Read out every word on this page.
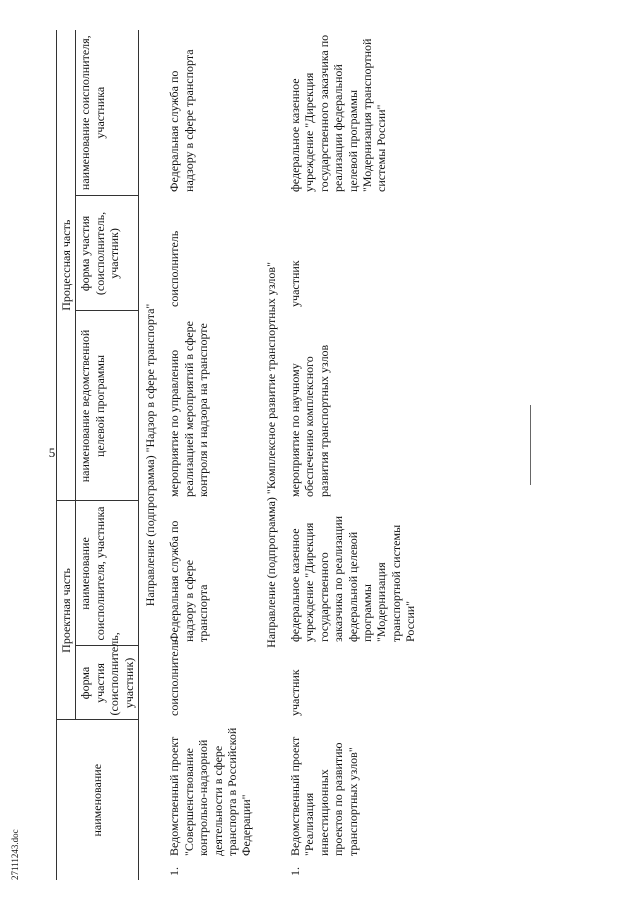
5
27111243.doc
наименование		Проектная часть		Процессная часть		
		форма участия (соисполнитель, участник)	наименование соисполнителя, участника	наименование ведомственной целевой программы	форма участия (соисполнитель, участник)	наименование соисполнителя, участника
Направление (подпрограмма) "Надзор в сфере транспорта"						
1.	Ведомственный проект "Совершенствование контрольно-надзорной деятельности в сфере транспорта в Российской Федерации"	соисполнитель	Федеральная служба по надзору в сфере транспорта	мероприятие по управлению реализацией мероприятий в сфере контроля и надзора на транспорте	соисполнитель	Федеральная служба по надзору в сфере транспорта
Направление (подпрограмма) "Комплексное развитие транспортных узлов"						
1.	Ведомственный проект "Реализация инвестиционных проектов по развитию транспортных узлов"	участник	федеральное казенное учреждение "Дирекция государственного заказчика по реализации федеральной целевой программы "Модернизация транспортной системы России"	мероприятие по научному обеспечению комплексного развития транспортных узлов	участник	федеральное казенное учреждение "Дирекция государственного заказчика по реализации федеральной целевой программы "Модернизация транспортной системы России"
